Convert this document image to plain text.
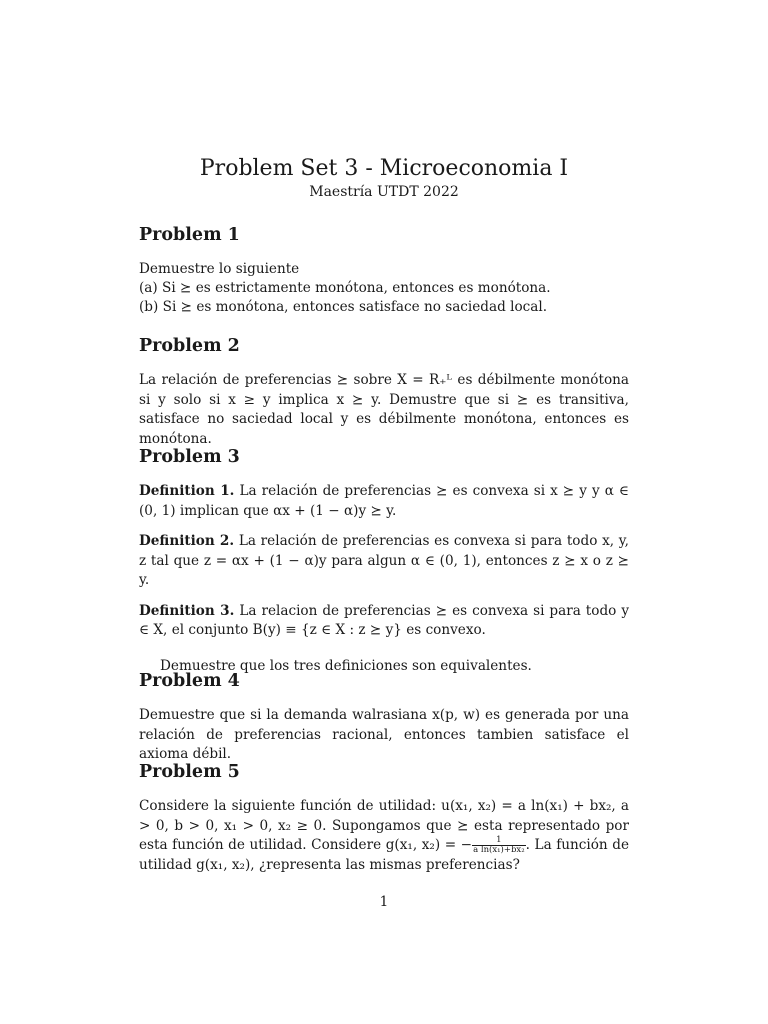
Problem Set 3 - Microeconomia I
Maestría UTDT 2022
Problem 1
Demuestre lo siguiente
(a) Si ⪰ es estrictamente monótona, entonces es monótona.
(b) Si ⪰ es monótona, entonces satisface no saciedad local.
Problem 2

La relación de preferencias ⪰ sobre X = R₊ᴸ es débilmente monótona si y solo si x ≥ y implica x ⪰ y. Demustre que si ⪰ es transitiva, satisface no saciedad local y es débilmente monótona, entonces es monótona.

Problem 3

Definition 1. La relación de preferencias ⪰ es convexa si x ⪰ y y α ∈ (0, 1) implican que αx + (1 − α)y ⪰ y.

Definition 2. La relación de preferencias es convexa si para todo x, y, z tal que z = αx + (1 − α)y para algun α ∈ (0, 1), entonces z ⪰ x o z ⪰ y.

Definition 3. La relacion de preferencias ⪰ es convexa si para todo y ∈ X, el conjunto B(y) ≡ {z ∈ X : z ⪰ y} es convexo.

Demuestre que los tres definiciones son equivalentes.

Problem 4

Demuestre que si la demanda walrasiana x(p, w) es generada por una relación de preferencias racional, entonces tambien satisface el axioma débil.

Problem 5

Considere la siguiente función de utilidad: u(x₁, x₂) = a ln(x₁) + bx₂, a > 0, b > 0, x₁ > 0, x₂ ≥ 0. Supongamos que ⪰ esta representado por esta función de utilidad. Considere g(x₁, x₂) = − $\frac{1}{\text{a ln(x₁)+bx₂}}$ . La función de utilidad g(x₁, x₂), ¿representa las mismas preferencias?

1
